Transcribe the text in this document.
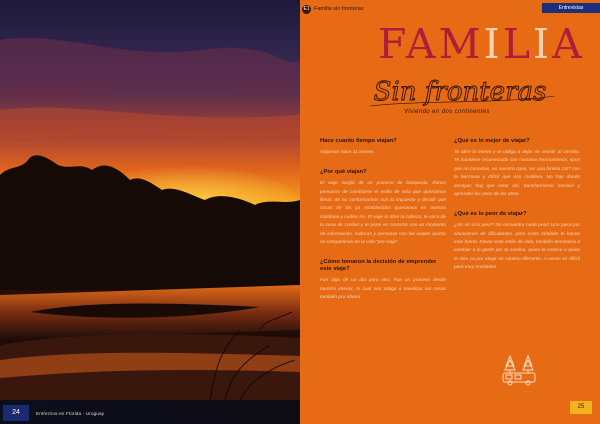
24	Entrerrios-en Florida · Uruguay
E1 Familia sin fronteras	Entrevistas
FAMILIA
Sin fronteras
Viviendo en dos continentes

Hace cuanto tiempo viajan?

Viajamos hace 11 meses.

¿Por qué viajan?

El viaje surgió de un proceso de búsqueda. Dimos pensaron de cambiarse el estilo de vida que queríamos llevar, de no conformarnos con lo impuesto y decidir que cosas de las ya establecidas queríamos en nuestra cotidiana y cuáles no. El viaje lo abre la cabeza, te saca de la zona de confort y te pone en contacto con un momento de información, culturas y personas con las cuales quizás no compartirías en la vida “pre viaje”.

¿Cómo tomaron la decisión de emprender este viaje?

Fue algo de un día para otro. Fue un proceso desde nuestro interior, lo cual nos obliga a movilizar las cosas también por afuera.

¿Qué es lo mejor de viajar?

Te abre la mente y te obliga a dejar de resistir al cambio. Te mantiene reconectado con nosotros hermanamos, tipos que no conocías, en nuestro caso, ser una familia 24/7 con la hermosa y difícil que eso conlleva. No hay donde escapar, hay que estar ahí, transformarse, convivir y aprender los unos de los otros.

¿Qué es lo peor de viajar?

¿No sé si lo peor? No encuentro nada peor! Uno pasa por situaciones de dificultades, pero estas también te hacen más fuerte. Elevar este estilo de vida, también terminaría a cambiar a la gente por tu camino, quien la conoce o quien le vino ca por elegir un camino diferente. A veces es difícil para muy revelados.

25
